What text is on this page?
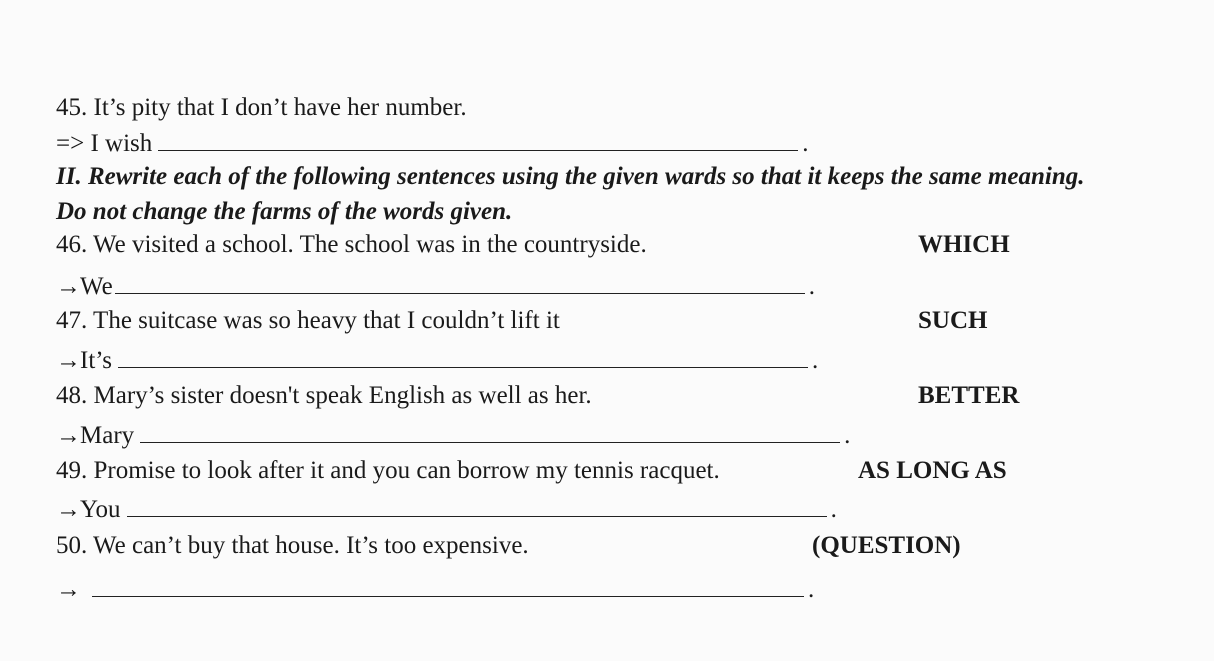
45. It’s pity that I don’t have her number.
=> I wish	.
II. Rewrite each of the following sentences using the given wards so that it keeps the same meaning.
Do not change the farms of the words given.
46. We visited a school. The school was in the countryside.	WHICH
→We	.
47. The suitcase was so heavy that I couldn’t lift it	SUCH
→It’s	.
48. Mary’s sister doesn't speak English as well as her.	BETTER
→Mary	.
49. Promise to look after it and you can borrow my tennis racquet.	AS LONG AS
→You	.
50. We can’t buy that house. It’s too expensive.	(QUESTION)
→	.
